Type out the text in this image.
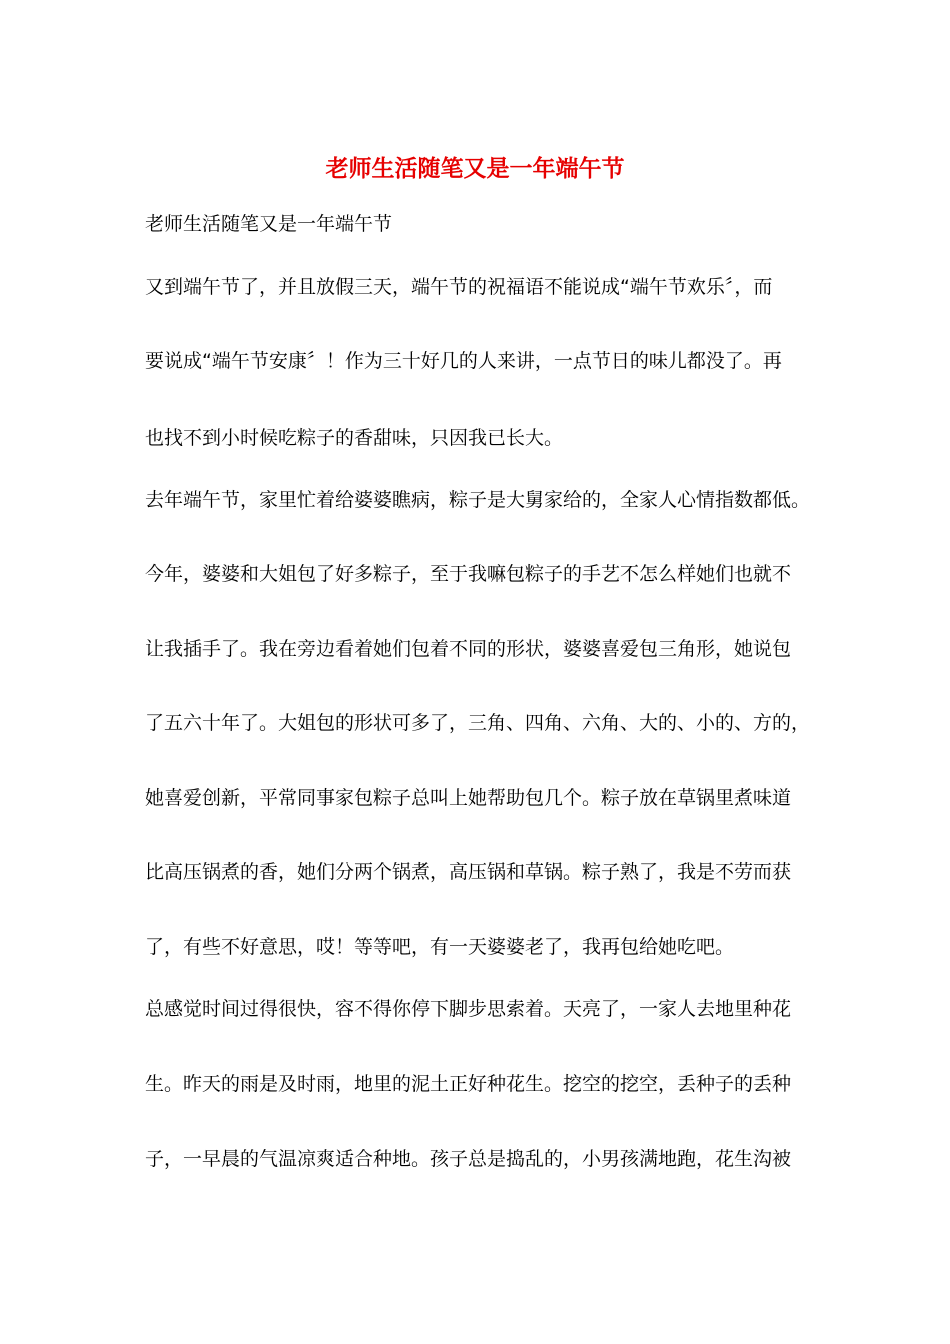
老师生活随笔又是一年端午节

老师生活随笔又是一年端午节

又到端午节了，并且放假三天，端午节的祝福语不能说成“端午节欢乐〞，而

要说成“端午节安康〞！作为三十好几的人来讲，一点节日的味儿都没了。再

也找不到小时候吃粽子的香甜味，只因我已长大。

去年端午节，家里忙着给婆婆瞧病，粽子是大舅家给的，全家人心情指数都低。

今年，婆婆和大姐包了好多粽子，至于我嘛包粽子的手艺不怎么样她们也就不

让我插手了。我在旁边看着她们包着不同的形状，婆婆喜爱包三角形，她说包

了五六十年了。大姐包的形状可多了，三角、四角、六角、大的、小的、方的，

她喜爱创新，平常同事家包粽子总叫上她帮助包几个。粽子放在草锅里煮味道

比高压锅煮的香，她们分两个锅煮，高压锅和草锅。粽子熟了，我是不劳而获

了，有些不好意思，哎！等等吧，有一天婆婆老了，我再包给她吃吧。

总感觉时间过得很快，容不得你停下脚步思索着。天亮了，一家人去地里种花

生。昨天的雨是及时雨，地里的泥土正好种花生。挖空的挖空，丢种子的丢种

子，一早晨的气温凉爽适合种地。孩子总是捣乱的，小男孩满地跑，花生沟被
